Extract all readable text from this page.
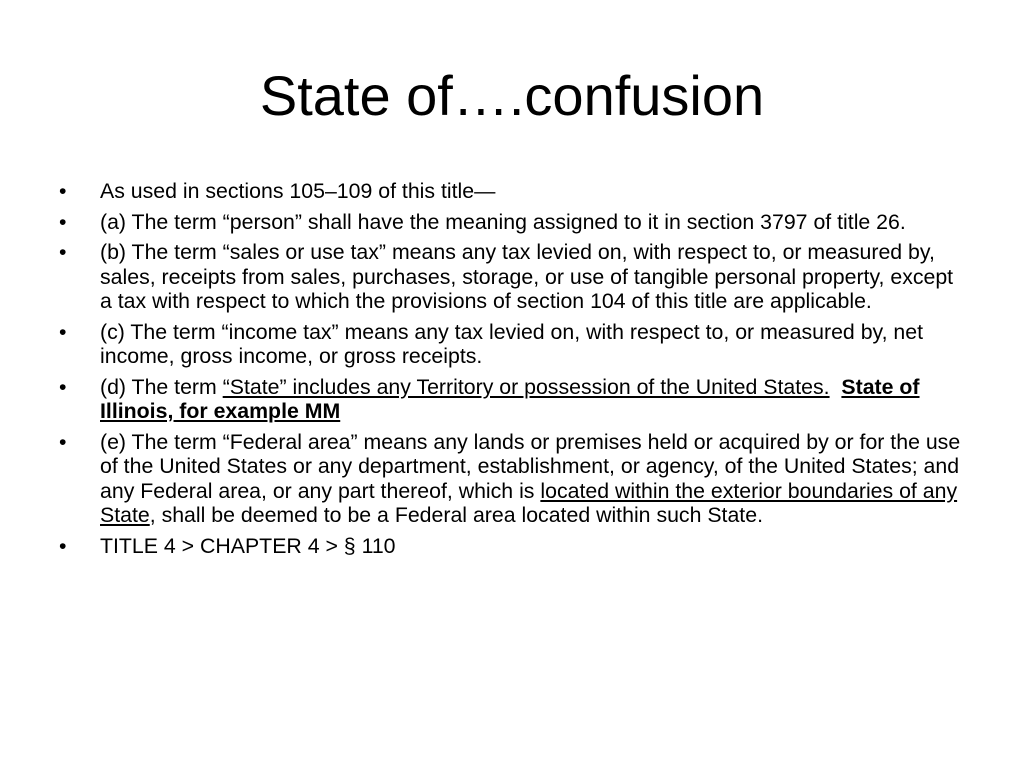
State of….confusion
• As used in sections 105–109 of this title—
• (a) The term “person” shall have the meaning assigned to it in section 3797 of title 26.
• (b) The term “sales or use tax” means any tax levied on, with respect to, or measured by, sales, receipts from sales, purchases, storage, or use of tangible personal property, except a tax with respect to which the provisions of section 104 of this title are applicable.
• (c) The term “income tax” means any tax levied on, with respect to, or measured by, net income, gross income, or gross receipts.
• (d) The term “State” includes any Territory or possession of the United States. State of Illinois, for example MM
• (e) The term “Federal area” means any lands or premises held or acquired by or for the use of the United States or any department, establishment, or agency, of the United States; and any Federal area, or any part thereof, which is located within the exterior boundaries of any State, shall be deemed to be a Federal area located within such State.
• TITLE 4 > CHAPTER 4 > § 110
